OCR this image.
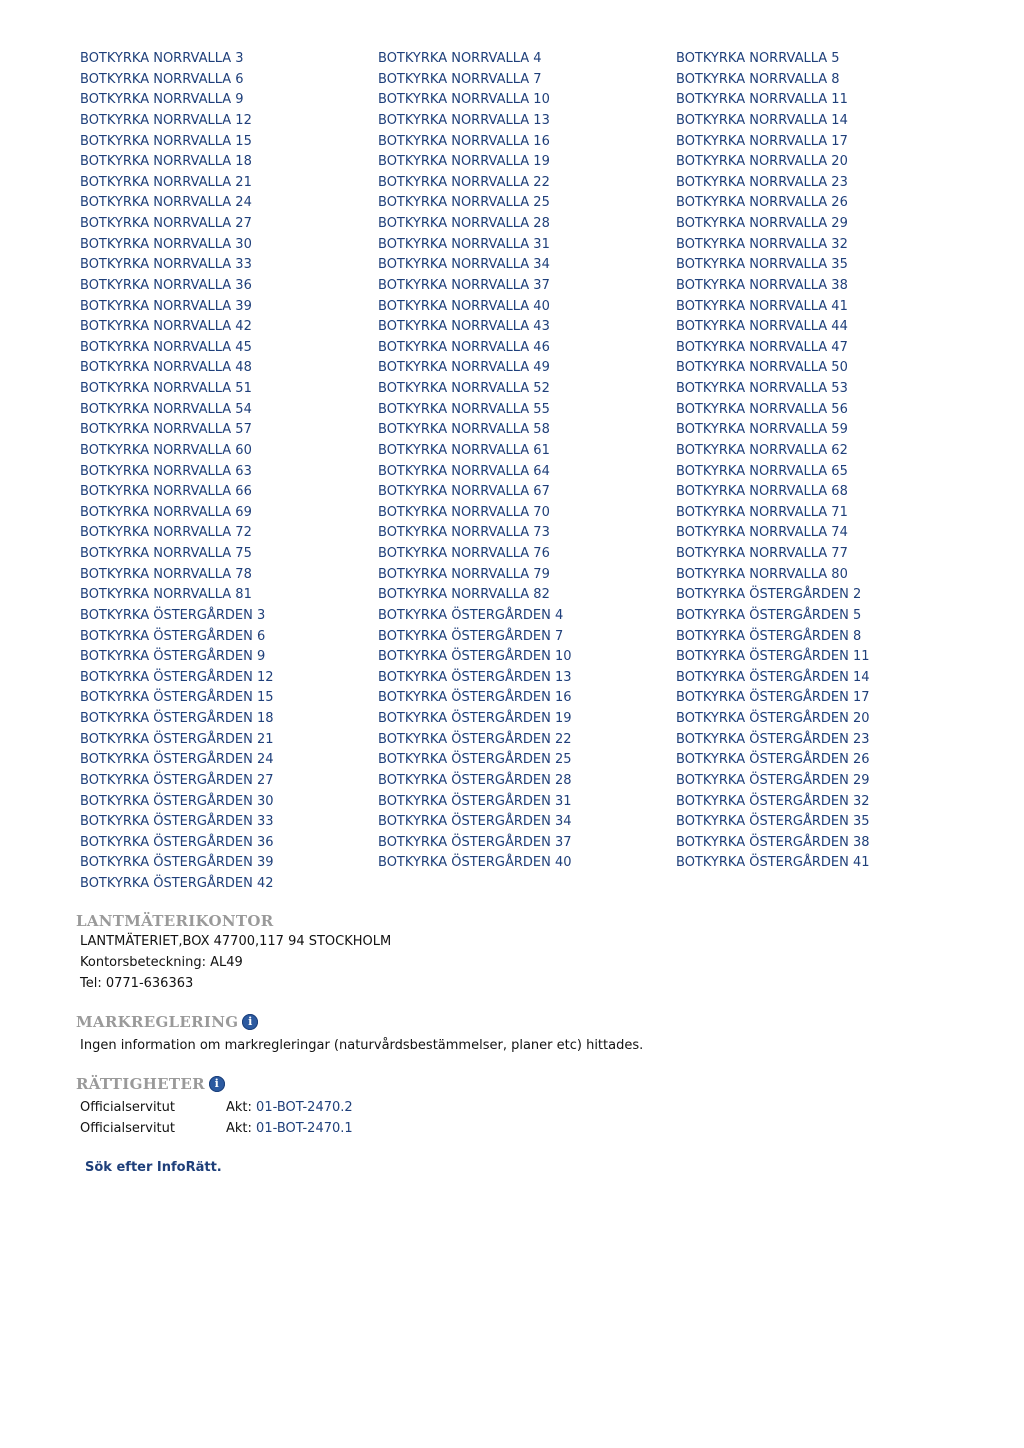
BOTKYRKA NORRVALLA 3	BOTKYRKA NORRVALLA 4	BOTKYRKA NORRVALLA 5
BOTKYRKA NORRVALLA 6	BOTKYRKA NORRVALLA 7	BOTKYRKA NORRVALLA 8
BOTKYRKA NORRVALLA 9	BOTKYRKA NORRVALLA 10	BOTKYRKA NORRVALLA 11
BOTKYRKA NORRVALLA 12	BOTKYRKA NORRVALLA 13	BOTKYRKA NORRVALLA 14
BOTKYRKA NORRVALLA 15	BOTKYRKA NORRVALLA 16	BOTKYRKA NORRVALLA 17
BOTKYRKA NORRVALLA 18	BOTKYRKA NORRVALLA 19	BOTKYRKA NORRVALLA 20
BOTKYRKA NORRVALLA 21	BOTKYRKA NORRVALLA 22	BOTKYRKA NORRVALLA 23
BOTKYRKA NORRVALLA 24	BOTKYRKA NORRVALLA 25	BOTKYRKA NORRVALLA 26
BOTKYRKA NORRVALLA 27	BOTKYRKA NORRVALLA 28	BOTKYRKA NORRVALLA 29
BOTKYRKA NORRVALLA 30	BOTKYRKA NORRVALLA 31	BOTKYRKA NORRVALLA 32
BOTKYRKA NORRVALLA 33	BOTKYRKA NORRVALLA 34	BOTKYRKA NORRVALLA 35
BOTKYRKA NORRVALLA 36	BOTKYRKA NORRVALLA 37	BOTKYRKA NORRVALLA 38
BOTKYRKA NORRVALLA 39	BOTKYRKA NORRVALLA 40	BOTKYRKA NORRVALLA 41
BOTKYRKA NORRVALLA 42	BOTKYRKA NORRVALLA 43	BOTKYRKA NORRVALLA 44
BOTKYRKA NORRVALLA 45	BOTKYRKA NORRVALLA 46	BOTKYRKA NORRVALLA 47
BOTKYRKA NORRVALLA 48	BOTKYRKA NORRVALLA 49	BOTKYRKA NORRVALLA 50
BOTKYRKA NORRVALLA 51	BOTKYRKA NORRVALLA 52	BOTKYRKA NORRVALLA 53
BOTKYRKA NORRVALLA 54	BOTKYRKA NORRVALLA 55	BOTKYRKA NORRVALLA 56
BOTKYRKA NORRVALLA 57	BOTKYRKA NORRVALLA 58	BOTKYRKA NORRVALLA 59
BOTKYRKA NORRVALLA 60	BOTKYRKA NORRVALLA 61	BOTKYRKA NORRVALLA 62
BOTKYRKA NORRVALLA 63	BOTKYRKA NORRVALLA 64	BOTKYRKA NORRVALLA 65
BOTKYRKA NORRVALLA 66	BOTKYRKA NORRVALLA 67	BOTKYRKA NORRVALLA 68
BOTKYRKA NORRVALLA 69	BOTKYRKA NORRVALLA 70	BOTKYRKA NORRVALLA 71
BOTKYRKA NORRVALLA 72	BOTKYRKA NORRVALLA 73	BOTKYRKA NORRVALLA 74
BOTKYRKA NORRVALLA 75	BOTKYRKA NORRVALLA 76	BOTKYRKA NORRVALLA 77
BOTKYRKA NORRVALLA 78	BOTKYRKA NORRVALLA 79	BOTKYRKA NORRVALLA 80
BOTKYRKA NORRVALLA 81	BOTKYRKA NORRVALLA 82	BOTKYRKA ÖSTERGÅRDEN 2
BOTKYRKA ÖSTERGÅRDEN 3	BOTKYRKA ÖSTERGÅRDEN 4	BOTKYRKA ÖSTERGÅRDEN 5
BOTKYRKA ÖSTERGÅRDEN 6	BOTKYRKA ÖSTERGÅRDEN 7	BOTKYRKA ÖSTERGÅRDEN 8
BOTKYRKA ÖSTERGÅRDEN 9	BOTKYRKA ÖSTERGÅRDEN 10	BOTKYRKA ÖSTERGÅRDEN 11
BOTKYRKA ÖSTERGÅRDEN 12	BOTKYRKA ÖSTERGÅRDEN 13	BOTKYRKA ÖSTERGÅRDEN 14
BOTKYRKA ÖSTERGÅRDEN 15	BOTKYRKA ÖSTERGÅRDEN 16	BOTKYRKA ÖSTERGÅRDEN 17
BOTKYRKA ÖSTERGÅRDEN 18	BOTKYRKA ÖSTERGÅRDEN 19	BOTKYRKA ÖSTERGÅRDEN 20
BOTKYRKA ÖSTERGÅRDEN 21	BOTKYRKA ÖSTERGÅRDEN 22	BOTKYRKA ÖSTERGÅRDEN 23
BOTKYRKA ÖSTERGÅRDEN 24	BOTKYRKA ÖSTERGÅRDEN 25	BOTKYRKA ÖSTERGÅRDEN 26
BOTKYRKA ÖSTERGÅRDEN 27	BOTKYRKA ÖSTERGÅRDEN 28	BOTKYRKA ÖSTERGÅRDEN 29
BOTKYRKA ÖSTERGÅRDEN 30	BOTKYRKA ÖSTERGÅRDEN 31	BOTKYRKA ÖSTERGÅRDEN 32
BOTKYRKA ÖSTERGÅRDEN 33	BOTKYRKA ÖSTERGÅRDEN 34	BOTKYRKA ÖSTERGÅRDEN 35
BOTKYRKA ÖSTERGÅRDEN 36	BOTKYRKA ÖSTERGÅRDEN 37	BOTKYRKA ÖSTERGÅRDEN 38
BOTKYRKA ÖSTERGÅRDEN 39	BOTKYRKA ÖSTERGÅRDEN 40	BOTKYRKA ÖSTERGÅRDEN 41
BOTKYRKA ÖSTERGÅRDEN 42
LANTMÄTERIKONTOR

LANTMÄTERIET,BOX 47700,117 94 STOCKHOLM

Kontorsbeteckning: AL49

Tel: 0771-636363

MARKREGLERING i

Ingen information om markregleringar (naturvårdsbestämmelser, planer etc) hittades.

RÄTTIGHETER i
Officialservitut	Akt: 01-BOT-2470.2
Officialservitut	Akt: 01-BOT-2470.1
Sök efter InfoRätt.
